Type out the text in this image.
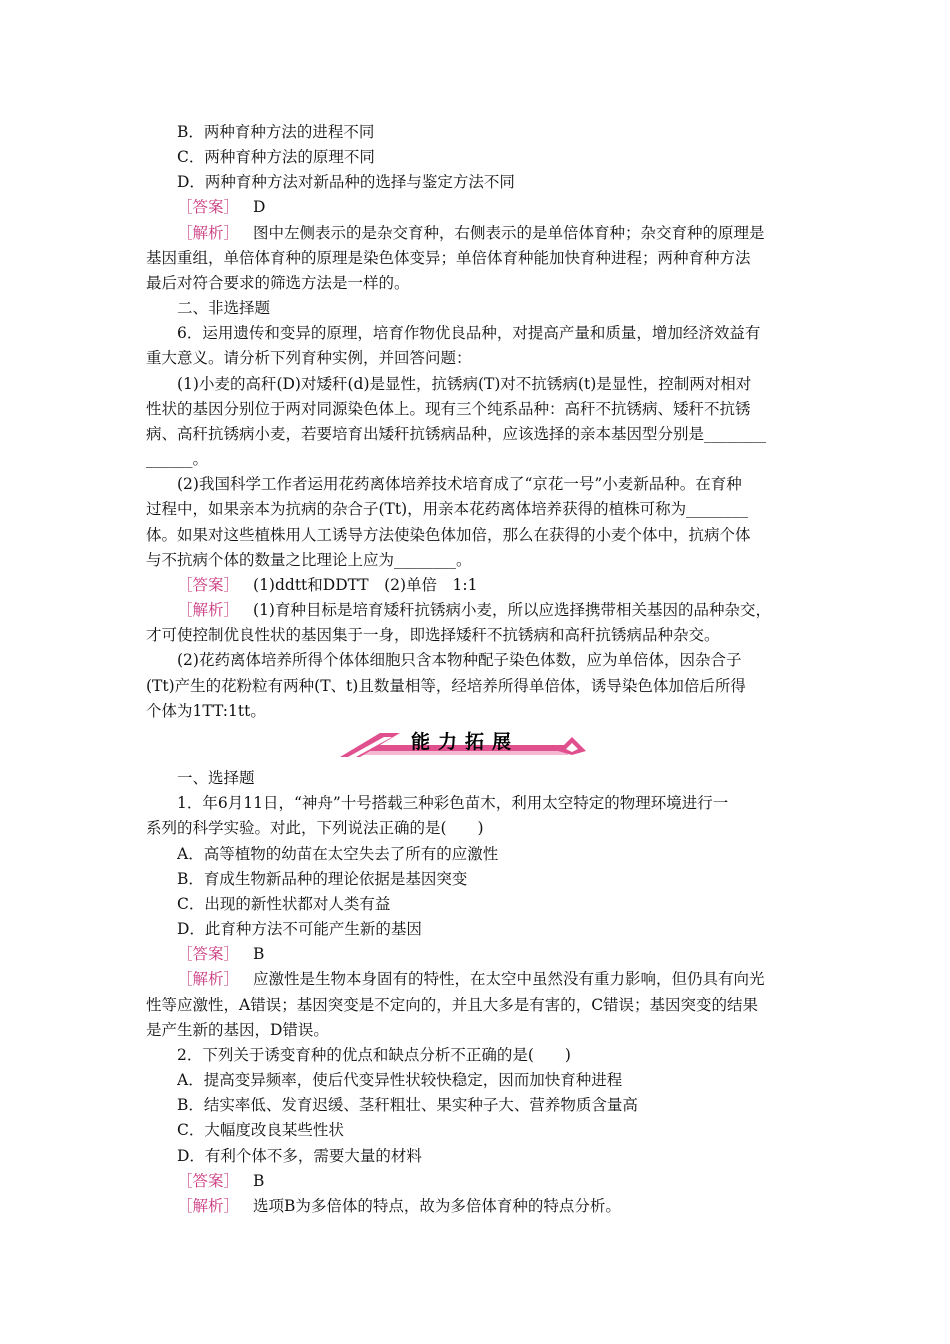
B．两种育种方法的进程不同
C．两种育种方法的原理不同
D．两种育种方法对新品种的选择与鉴定方法不同
［答案］ D
［解析］ 图中左侧表示的是杂交育种，右侧表示的是单倍体育种；杂交育种的原理是
基因重组，单倍体育种的原理是染色体变异；单倍体育种能加快育种进程；两种育种方法
最后对符合要求的筛选方法是一样的。
二、非选择题
6．运用遗传和变异的原理，培育作物优良品种，对提高产量和质量，增加经济效益有
重大意义。请分析下列育种实例，并回答问题：
(1)小麦的高秆(D)对矮秆(d)是显性，抗锈病(T)对不抗锈病(t)是显性，控制两对相对
性状的基因分别位于两对同源染色体上。现有三个纯系品种：高秆不抗锈病、矮秆不抗锈
病、高秆抗锈病小麦，若要培育出矮秆抗锈病品种，应该选择的亲本基因型分别是________
______。
(2)我国科学工作者运用花药离体培养技术培育成了“京花一号”小麦新品种。在育种
过程中，如果亲本为抗病的杂合子(Tt)，用亲本花药离体培养获得的植株可称为________
体。如果对这些植株用人工诱导方法使染色体加倍，那么在获得的小麦个体中，抗病个体
与不抗病个体的数量之比理论上应为________。
［答案］ (1)ddtt和DDTT　(2)单倍　1:1
［解析］ (1)育种目标是培育矮秆抗锈病小麦，所以应选择携带相关基因的品种杂交，
才可使控制优良性状的基因集于一身，即选择矮秆不抗锈病和高秆抗锈病品种杂交。
(2)花药离体培养所得个体体细胞只含本物种配子染色体数，应为单倍体，因杂合子
(Tt)产生的花粉粒有两种(T、t)且数量相等，经培养所得单倍体，诱导染色体加倍后所得
个体为1TT:1tt。
能力拓展
一、选择题
1．年6月11日，“神舟”十号搭载三种彩色苗木，利用太空特定的物理环境进行一
系列的科学实验。对此，下列说法正确的是(　　)
A．高等植物的幼苗在太空失去了所有的应激性
B．育成生物新品种的理论依据是基因突变
C．出现的新性状都对人类有益
D．此育种方法不可能产生新的基因
［答案］ B
［解析］ 应激性是生物本身固有的特性，在太空中虽然没有重力影响，但仍具有向光
性等应激性，A错误；基因突变是不定向的，并且大多是有害的，C错误；基因突变的结果
是产生新的基因，D错误。
2．下列关于诱变育种的优点和缺点分析不正确的是(　　)
A．提高变异频率，使后代变异性状较快稳定，因而加快育种进程
B．结实率低、发育迟缓、茎秆粗壮、果实种子大、营养物质含量高
C．大幅度改良某些性状
D．有利个体不多，需要大量的材料
［答案］ B
［解析］ 选项B为多倍体的特点，故为多倍体育种的特点分析。
